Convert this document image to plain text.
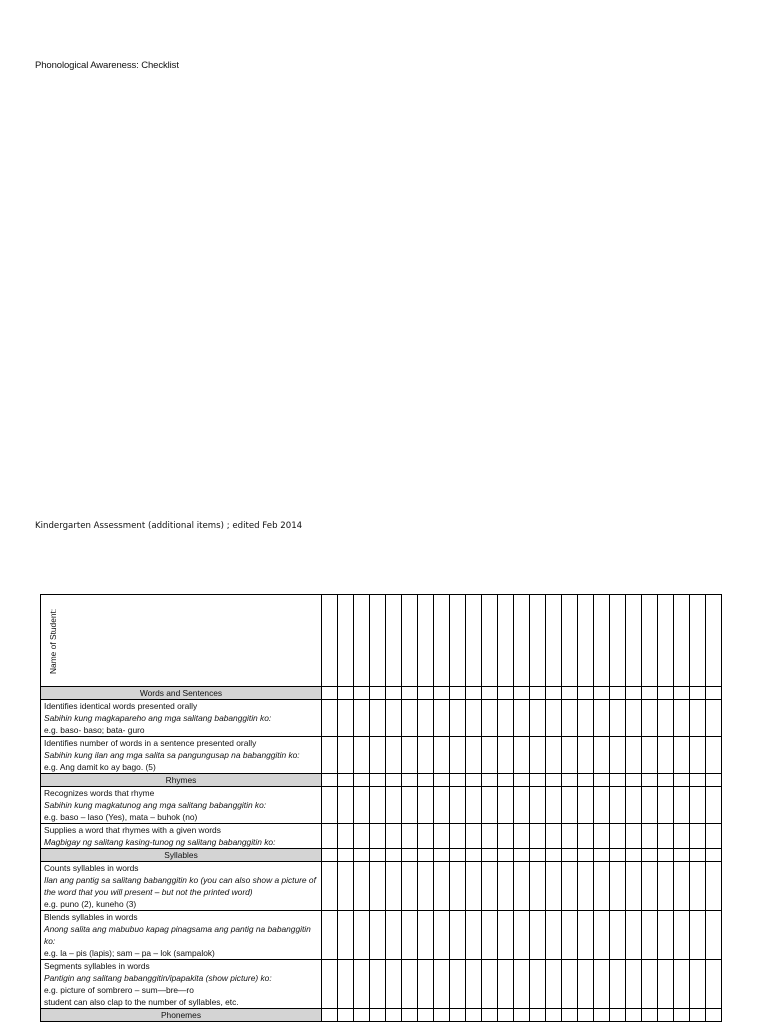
Phonological Awareness: Checklist
Kindergarten Assessment (additional items) ; edited Feb 2014
Name of Student:																									

Words and Sentences																									

Identifies identical words presented orally
Sabihin kung magkapareho ang mga salitang babanggitin ko:
e.g. baso- baso; bata- guro																									

Identifies number of words in a sentence presented orally
Sabihin kung ilan ang mga salita sa pangungusap na babanggitin ko:
e.g. Ang damit ko ay bago. (5)																									

Rhymes																									

Recognizes words that rhyme
Sabihin kung magkatunog ang mga salitang babanggitin ko:
e.g. baso – laso (Yes), mata – buhok (no)																									

Supplies a word that rhymes with a given words
Magbigay ng salitang kasing-tunog ng salitang babanggitin ko:																									

Syllables																									

Counts syllables in words
Ilan ang pantig sa salitang babanggitin ko (you can also show a picture of the word that you will present – but not the printed word)
e.g. puno (2), kuneho (3)																									

Blends syllables in words
Anong salita ang mabubuo kapag pinagsama ang pantig na babanggitin ko:
e.g. la – pis (lapis); sam – pa – lok (sampalok)																									

Segments syllables in words
Pantigin ang salitang babanggitin/ipapakita (show picture) ko:
e.g. picture of sombrero – sum—bre—ro
student can also clap to the number of syllables, etc.																									

Phonemes																									
